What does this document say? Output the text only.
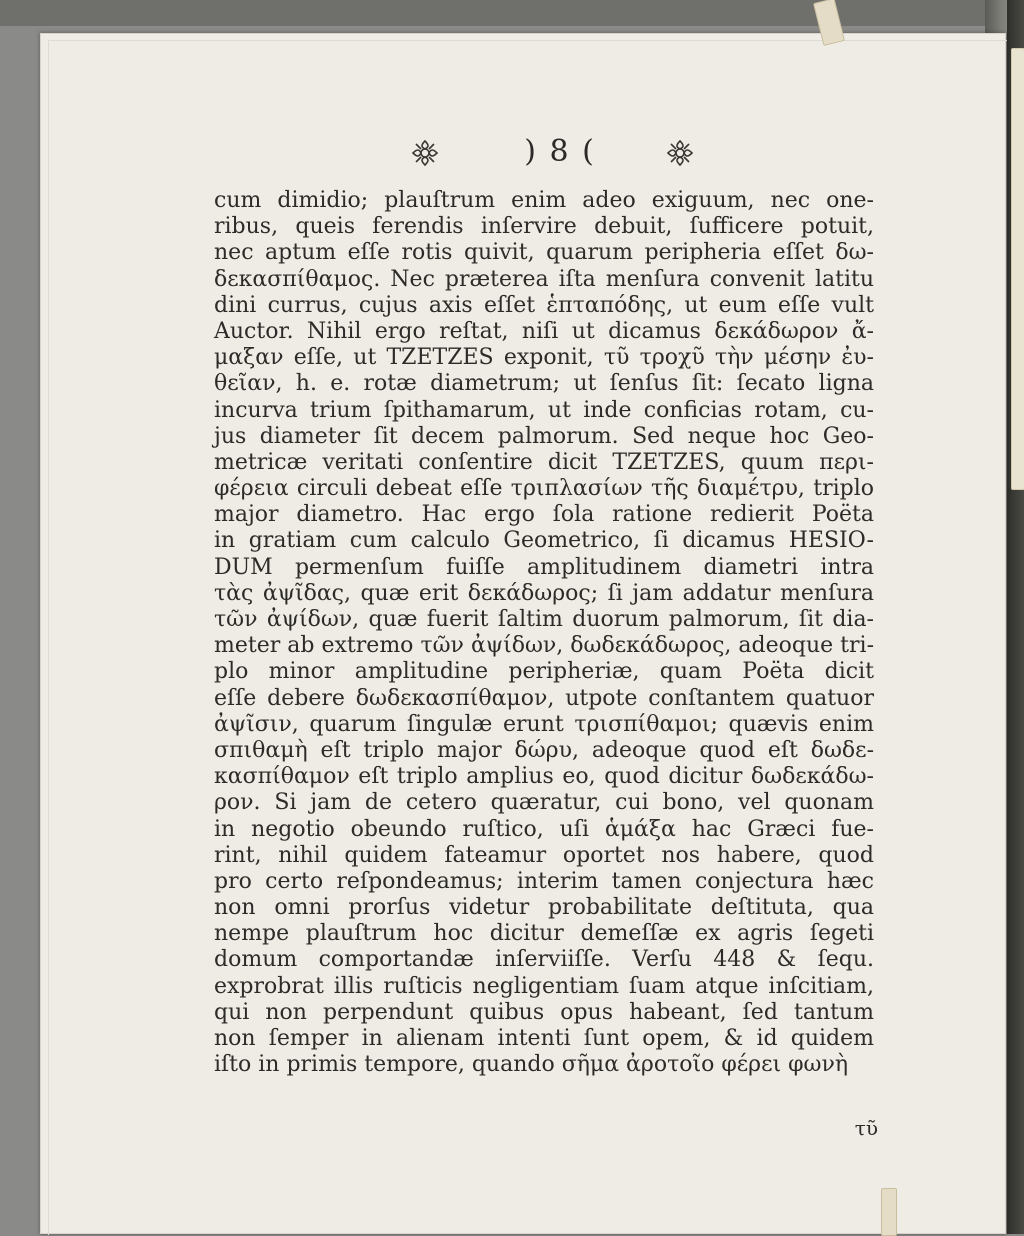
) 8 (
cum dimidio; plauſtrum enim adeo exiguum, nec one-
ribus, queis ferendis inſervire debuit, ſufficere potuit,
nec aptum eſſe rotis quivit, quarum peripheria eſſet δω-
δεκασπίθαμος. Nec præterea iſta menſura convenit latitu
dini currus, cujus axis eſſet ἑπταπόδης, ut eum eſſe vult
Auctor. Nihil ergo reſtat, niſi ut dicamus δεκάδωρον ἄ-
μαξαν eſſe, ut TZETZES exponit, τῦ τροχῦ τὴν μέσην ἐυ-
θεῖαν, h. e. rotæ diametrum; ut ſenſus ſit: ſecato ligna
incurva trium ſpithamarum, ut inde conficias rotam, cu-
jus diameter ſit decem palmorum. Sed neque hoc Geo-
metricæ veritati conſentire dicit TZETZES, quum περι-
φέρεια circuli debeat eſſe τριπλασίων τῆς διαμέτρυ, triplo
major diametro. Hac ergo ſola ratione redierit Poëta
in gratiam cum calculo Geometrico, ſi dicamus HESIO-
DUM permenſum fuiſſe amplitudinem diametri intra
τὰς ἀψῖδας, quæ erit δεκάδωρος; ſi jam addatur menſura
τῶν ἀψίδων, quæ fuerit ſaltim duorum palmorum, ſit dia-
meter ab extremo τῶν ἀψίδων, δωδεκάδωρος, adeoque tri-
plo minor amplitudine peripheriæ, quam Poëta dicit
eſſe debere δωδεκασπίθαμον, utpote conſtantem quatuor
ἀψῖσιν, quarum ſingulæ erunt τρισπίθαμοι; quævis enim
σπιθαμὴ eſt triplo major δώρυ, adeoque quod eſt δωδε-
κασπίθαμον eſt triplo amplius eo, quod dicitur δωδεκάδω-
ρον. Si jam de cetero quæratur, cui bono, vel quonam
in negotio obeundo ruſtico, uſi ἁμάξα hac Græci fue-
rint, nihil quidem fateamur oportet nos habere, quod
pro certo reſpondeamus; interim tamen conjectura hæc
non omni prorſus videtur probabilitate deſtituta, qua
nempe plauſtrum hoc dicitur demeſſæ ex agris ſegeti
domum comportandæ inſerviiſſe. Verſu 448 & ſequ.
exprobrat illis ruſticis negligentiam ſuam atque inſcitiam,
qui non perpendunt quibus opus habeant, ſed tantum
non ſemper in alienam intenti ſunt opem, & id quidem
iſto in primis tempore, quando σῆμα ἀροτοῖο φέρει φωνὴ
τῦ
